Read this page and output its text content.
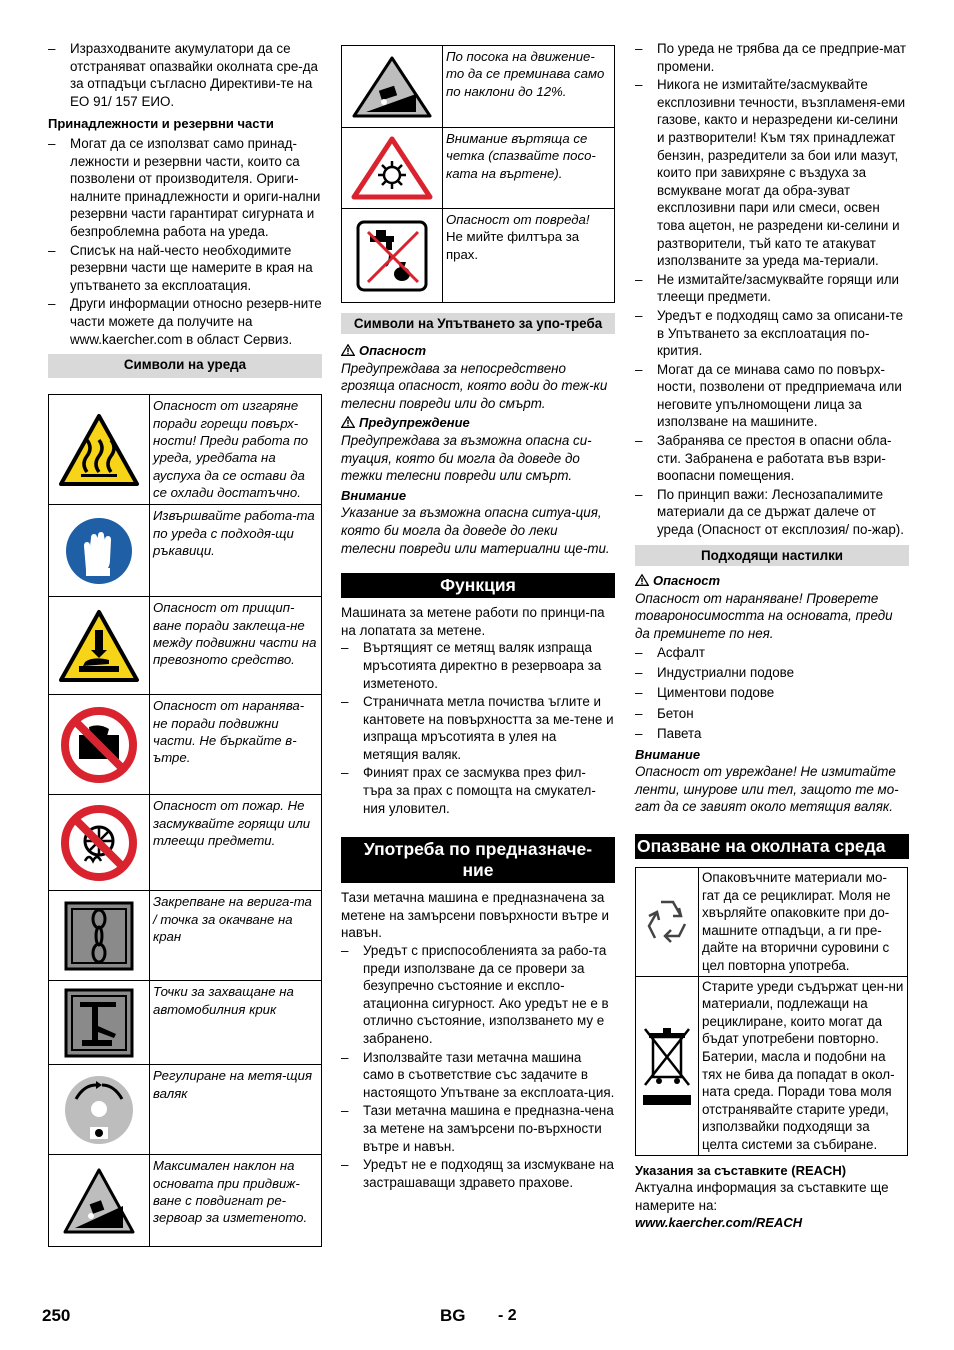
– Изразходваните акумулатори да се отстраняват опазвайки околната сре-да за отпадъци съгласно Директиви-те на ЕО 91/ 157 ЕИО.
Принадлежности и резервни части
– Могат да се използват само принад-лежности и резервни части, които са позволени от производителя. Ориги-налните принадлежности и ориги-нални резервни части гарантират сигурната и безпроблемна работа на уреда.
– Списък на най-често необходимите резервни части ще намерите в края на упътването за експлоатация.
– Други информации относно резерв-ните части можете да получите на www.kaercher.com в област Сервиз.
Символи на уреда
	Опасност от изгаряне поради горещи повърх-ности! Преди работа по уреда, уредбата на ауспуха да се остави да се охлади достатъчно.

	Извършвайте работа-та по уреда с подходя-щи ръкавици.

	Опасност от прищип-ване поради заклеща-не между подвижни части на превозното средство.

	Опасност от наранява-не поради подвижни части. Не бъркайте в-ътре.

	Опасност от пожар. Не засмуквайте горящи или тлеещи предмети.

	Закрепване на верига-та / точка за окачване на кран

	Точки за захващане на автомобилния крик

	Регулиране на метя-щия валяк

	Максимален наклон на основата при придвиж-ване с повдигнат ре-зервоар за изметеното.
	По посока на движение-то да се преминава само по наклони до 12%.

	Внимание въртяща се четка (спазвайте посо-ката на въртене).

	Опасност от повреда!
Не мийте филтъра за прах.
Символи на Упътването за упо-треба
Опасност
Предупреждава за непосредствено грозяща опасност, която води до теж-ки телесни повреди или до смърт.
Предупреждение
Предупреждава за възможна опасна си-туация, която би могла да доведе до тежки телесни повреди или смърт.
Внимание
Указание за възможна опасна ситуа-ция, която би могла да доведе до леки телесни повреди или материални ще-ти.
Функция
Машината за метене работи по принци-па на лопатата за метене.
– Въртящият се метящ валяк изпраща мръсотията директно в резервоара за изметеното.
– Страничната метла почиства ъглите и кантовете на повърхността за ме-тене и изпраща мръсотията в улея на метящия валяк.
– Финият прах се засмуква през фил-търа за прах с помощта на смукател-ния уловител.
Употреба по предназначе-ние
Тази метачна машина е предназначена за метене на замърсени повърхности вътре и навън.
– Уредът с приспособленията за рабо-та преди използване да се провери за безупречно състояние и експло-атационна сигурност. Ако уредът не е в отлично състояние, използването му е забранено.
– Използвайте тази метачна машина само в съответствие със задачите в настоящото Упътване за експлоата-ция.
– Тази метачна машина е предназна-чена за метене на замърсени по-върхности вътре и навън.
– Уредът не е подходящ за изсмукване на застрашаващи здравето прахове.
– По уреда не трябва да се предприе-мат промени.
– Никога не измитайте/засмуквайте експлозивни течности, възпламеня-еми газове, както и неразредени ки-селини и разтворители! Към тях принадлежат бензин, разредители за бои или мазут, които при завихряне с въздуха за всмукване могат да обра-зуват експлозивни пари или смеси, освен това ацетон, не разредени ки-селини и разтворители, тъй като те атакуват използваните за уреда ма-териали.
– Не измитайте/засмуквайте горящи или тлеещи предмети.
– Уредът е подходящ само за описани-те в Упътването за експлоатация по-крития.
– Могат да се минава само по повърх-ности, позволени от предприемача или неговите упълномощени лица за използване на машините.
– Забранява се престоя в опасни обла-сти. Забранена е работата във взри-воопасни помещения.
– По принцип важи: Леснозапалимите материали да се държат далече от уреда (Опасност от експлозия/ по-жар).
Подходящи настилки
Опасност
Опасност от нараняване! Проверете товароносимостта на основата, преди да преминете по нея.
– Асфалт
– Индустриални подове
– Циментови подове
– Бетон
– Павета
Внимание
Опасност от увреждане! Не измитайте ленти, шнурове или тел, защото те мо-гат да се завият около метящия валяк.
Опазване на околната среда
	Опаковъчните материали мо-гат да се рециклират. Моля не хвърляйте опаковките при до-машните отпадъци, а ги пре-дайте на вторични суровини с цел повторна употреба.

	Старите уреди съдържат цен-ни материали, подлежащи на рециклиране, които могат да бъдат употребени повторно. Батерии, масла и подобни на тях не бива да попадат в окол-ната среда. Поради това моля отстранявайте старите уреди, използвайки подходящи за целта системи за събиране.
Указания за съставките (REACH)
Актуална информация за съставките ще намерите на:
www.kaercher.com/REACH
250	BG - 2
